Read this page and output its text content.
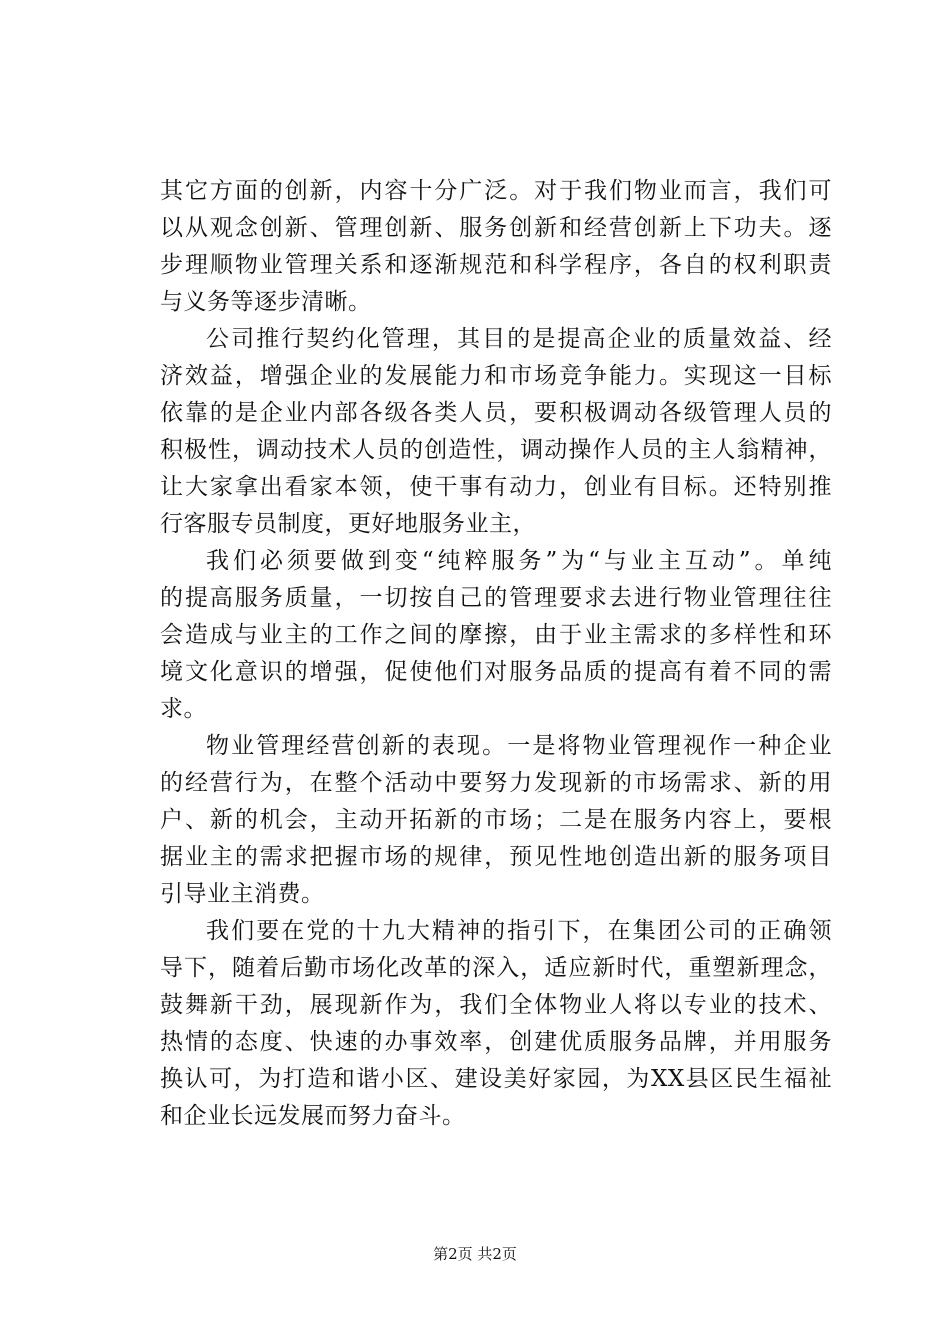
其它方面的创新，内容十分广泛。对于我们物业而言，我们可
以从观念创新、管理创新、服务创新和经营创新上下功夫。逐
步理顺物业管理关系和逐渐规范和科学程序，各自的权利职责
与义务等逐步清晰。
公司推行契约化管理，其目的是提高企业的质量效益、经
济效益，增强企业的发展能力和市场竞争能力。实现这一目标
依靠的是企业内部各级各类人员，要积极调动各级管理人员的
积极性，调动技术人员的创造性，调动操作人员的主人翁精神，
让大家拿出看家本领，使干事有动力，创业有目标。还特别推
行客服专员制度，更好地服务业主，
我们必须要做到变“纯粹服务”为“与业主互动”。单纯
的提高服务质量，一切按自己的管理要求去进行物业管理往往
会造成与业主的工作之间的摩擦，由于业主需求的多样性和环
境文化意识的增强，促使他们对服务品质的提高有着不同的需
求。
物业管理经营创新的表现。一是将物业管理视作一种企业
的经营行为，在整个活动中要努力发现新的市场需求、新的用
户、新的机会，主动开拓新的市场；二是在服务内容上，要根
据业主的需求把握市场的规律，预见性地创造出新的服务项目
引导业主消费。
我们要在党的十九大精神的指引下，在集团公司的正确领
导下，随着后勤市场化改革的深入，适应新时代，重塑新理念，
鼓舞新干劲，展现新作为，我们全体物业人将以专业的技术、
热情的态度、快速的办事效率，创建优质服务品牌，并用服务
换认可，为打造和谐小区、建设美好家园，为XX县区民生福祉
和企业长远发展而努力奋斗。
第2页 共2页
